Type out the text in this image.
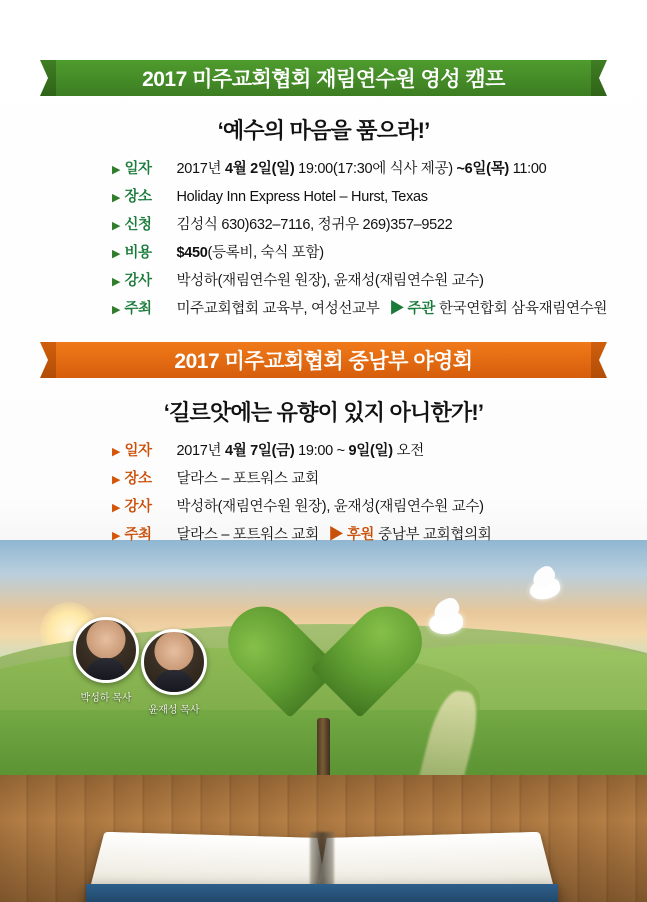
박성하 목사
윤재성 목사
2017 미주교회협회 재림연수원 영성 캠프
‘예수의 마음을 품으라!’
▶ 일자	2017년 4월 2일(일) 19:00(17:30에 식사 제공) ~6일(목) 11:00
▶ 장소	Holiday Inn Express Hotel – Hurst, Texas
▶ 신청	김성식 630)632–7116, 정귀우 269)357–9522
▶ 비용	$450(등록비, 숙식 포함)
▶ 강사	박성하(재림연수원 원장), 윤재성(재림연수원 교수)
▶ 주최	미주교회협회 교육부, 여성선교부 ▶ 주관 한국연합회 삼육재림연수원
2017 미주교회협회 중남부 야영회
‘길르앗에는 유향이 있지 아니한가!’
▶ 일자	2017년 4월 7일(금) 19:00 ~ 9일(일) 오전
▶ 장소	달라스 – 포트워스 교회
▶ 강사	박성하(재림연수원 원장), 윤재성(재림연수원 교수)
▶ 주최	달라스 – 포트워스 교회 ▶ 후원 중남부 교회협의회
